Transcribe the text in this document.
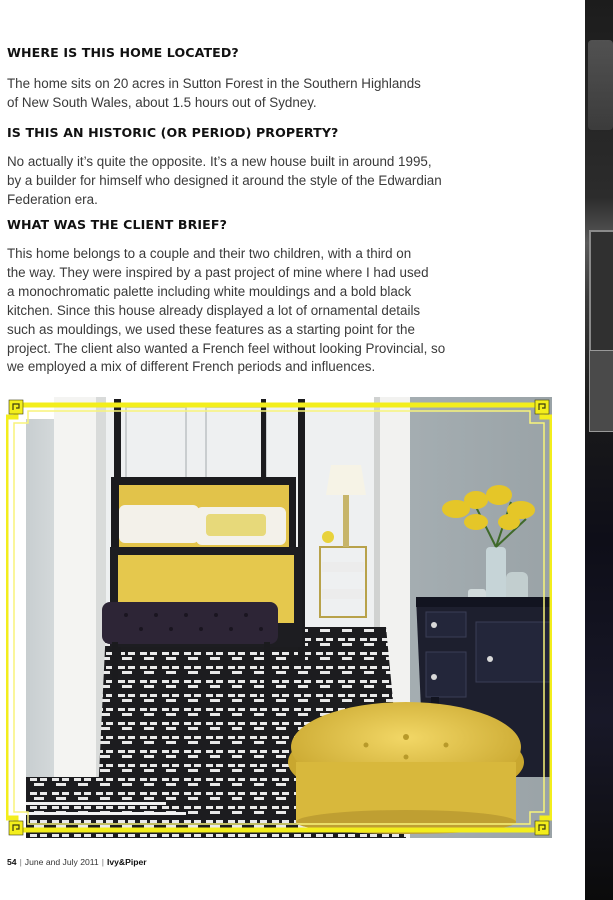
WHERE IS THIS HOME LOCATED?
The home sits on 20 acres in Sutton Forest in the Southern Highlands
of New South Wales, about 1.5 hours out of Sydney.
IS THIS AN HISTORIC (OR PERIOD) PROPERTY?
No actually it’s quite the opposite. It’s a new house built in around 1995,
by a builder for himself who designed it around the style of the Edwardian
Federation era.
WHAT WAS THE CLIENT BRIEF?
This home belongs to a couple and their two children, with a third on
the way. They were inspired by a past project of mine where I had used
a monochromatic palette including white mouldings and a bold black
kitchen. Since this house already displayed a lot of ornamental details
such as mouldings, we used these features as a starting point for the
project. The client also wanted a French feel without looking Provincial, so
we employed a mix of different French periods and influences.
54 | June and July 2011 | Ivy&Piper
